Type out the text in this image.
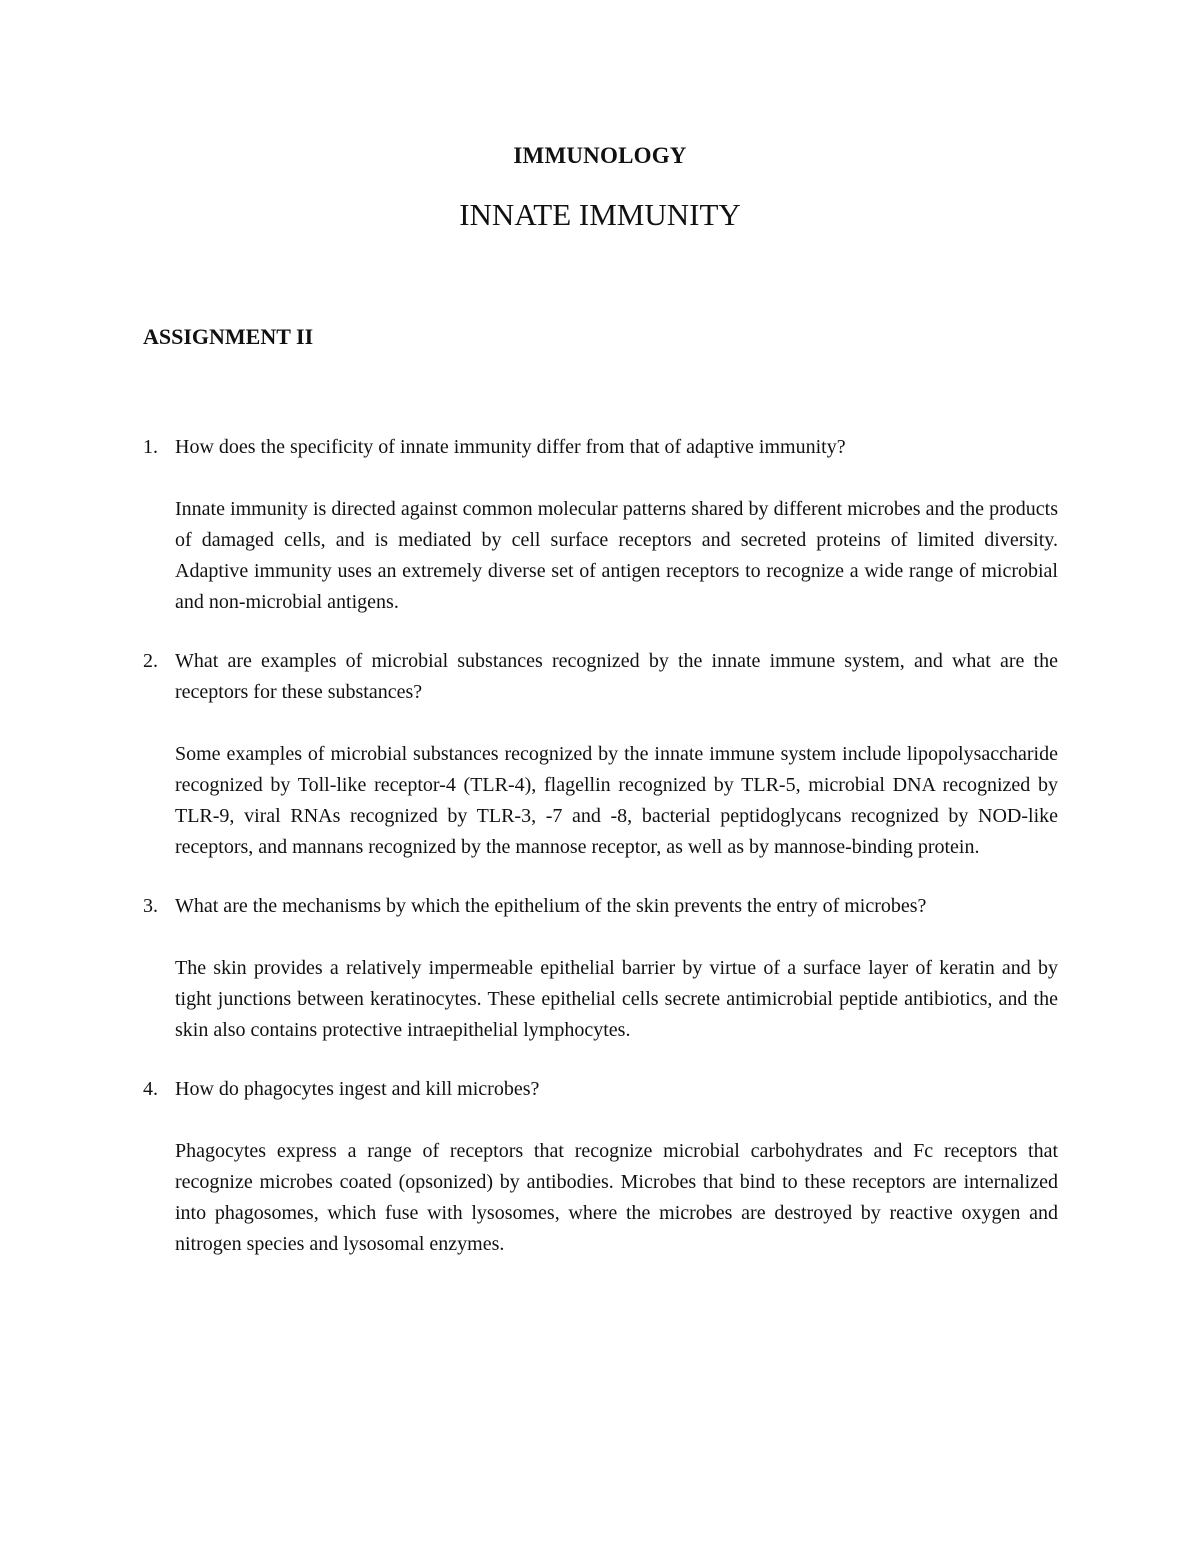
IMMUNOLOGY
INNATE IMMUNITY
ASSIGNMENT II
1. How does the specificity of innate immunity differ from that of adaptive immunity?

Innate immunity is directed against common molecular patterns shared by different microbes and the products of damaged cells, and is mediated by cell surface receptors and secreted proteins of limited diversity. Adaptive immunity uses an extremely diverse set of antigen receptors to recognize a wide range of microbial and non-microbial antigens.

2. What are examples of microbial substances recognized by the innate immune system, and what are the receptors for these substances?

Some examples of microbial substances recognized by the innate immune system include lipopolysaccharide recognized by Toll-like receptor-4 (TLR-4), flagellin recognized by TLR-5, microbial DNA recognized by TLR-9, viral RNAs recognized by TLR-3, -7 and -8, bacterial peptidoglycans recognized by NOD-like receptors, and mannans recognized by the mannose receptor, as well as by mannose-binding protein.

3. What are the mechanisms by which the epithelium of the skin prevents the entry of microbes?

The skin provides a relatively impermeable epithelial barrier by virtue of a surface layer of keratin and by tight junctions between keratinocytes. These epithelial cells secrete antimicrobial peptide antibiotics, and the skin also contains protective intraepithelial lymphocytes.

4. How do phagocytes ingest and kill microbes?

Phagocytes express a range of receptors that recognize microbial carbohydrates and Fc receptors that recognize microbes coated (opsonized) by antibodies. Microbes that bind to these receptors are internalized into phagosomes, which fuse with lysosomes, where the microbes are destroyed by reactive oxygen and nitrogen species and lysosomal enzymes.
